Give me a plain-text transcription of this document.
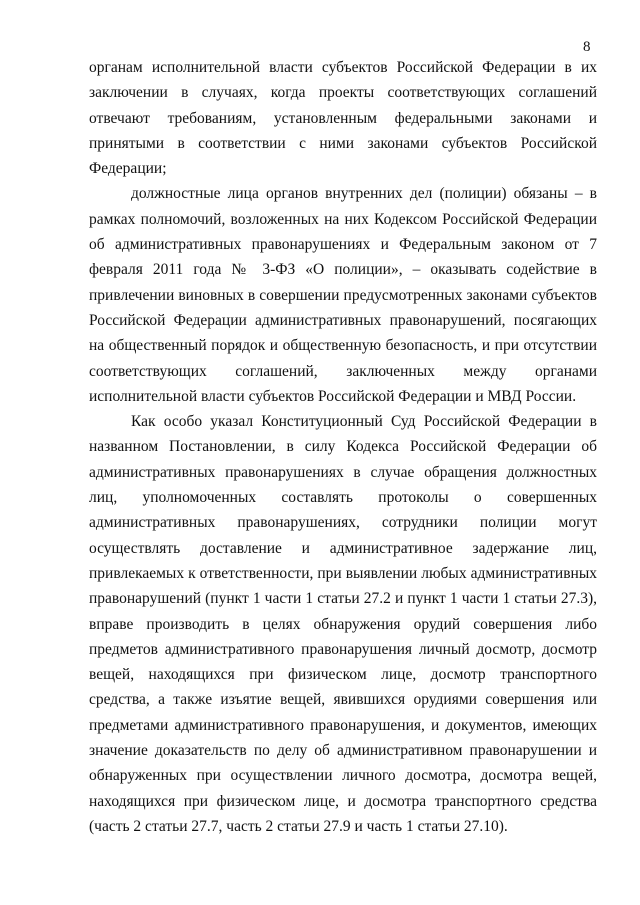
8

органам исполнительной власти субъектов Российской Федерации в их заключении в случаях, когда проекты соответствующих соглашений отвечают требованиям, установленным федеральными законами и принятыми в соответствии с ними законами субъектов Российской Федерации;

должностные лица органов внутренних дел (полиции) обязаны – в рамках полномочий, возложенных на них Кодексом Российской Федерации об административных правонарушениях и Федеральным законом от 7 февраля 2011 года № 3-ФЗ «О полиции», – оказывать содействие в привлечении виновных в совершении предусмотренных законами субъектов Российской Федерации административных правонарушений, посягающих на общественный порядок и общественную безопасность, и при отсутствии соответствующих соглашений, заключенных между органами исполнительной власти субъектов Российской Федерации и МВД России.

Как особо указал Конституционный Суд Российской Федерации в названном Постановлении, в силу Кодекса Российской Федерации об административных правонарушениях в случае обращения должностных лиц, уполномоченных составлять протоколы о совершенных административных правонарушениях, сотрудники полиции могут осуществлять доставление и административное задержание лиц, привлекаемых к ответственности, при выявлении любых административных правонарушений (пункт 1 части 1 статьи 27.2 и пункт 1 части 1 статьи 27.3), вправе производить в целях обнаружения орудий совершения либо предметов административного правонарушения личный досмотр, досмотр вещей, находящихся при физическом лице, досмотр транспортного средства, а также изъятие вещей, явившихся орудиями совершения или предметами административного правонарушения, и документов, имеющих значение доказательств по делу об административном правонарушении и обнаруженных при осуществлении личного досмотра, досмотра вещей, находящихся при физическом лице, и досмотра транспортного средства (часть 2 статьи 27.7, часть 2 статьи 27.9 и часть 1 статьи 27.10).
